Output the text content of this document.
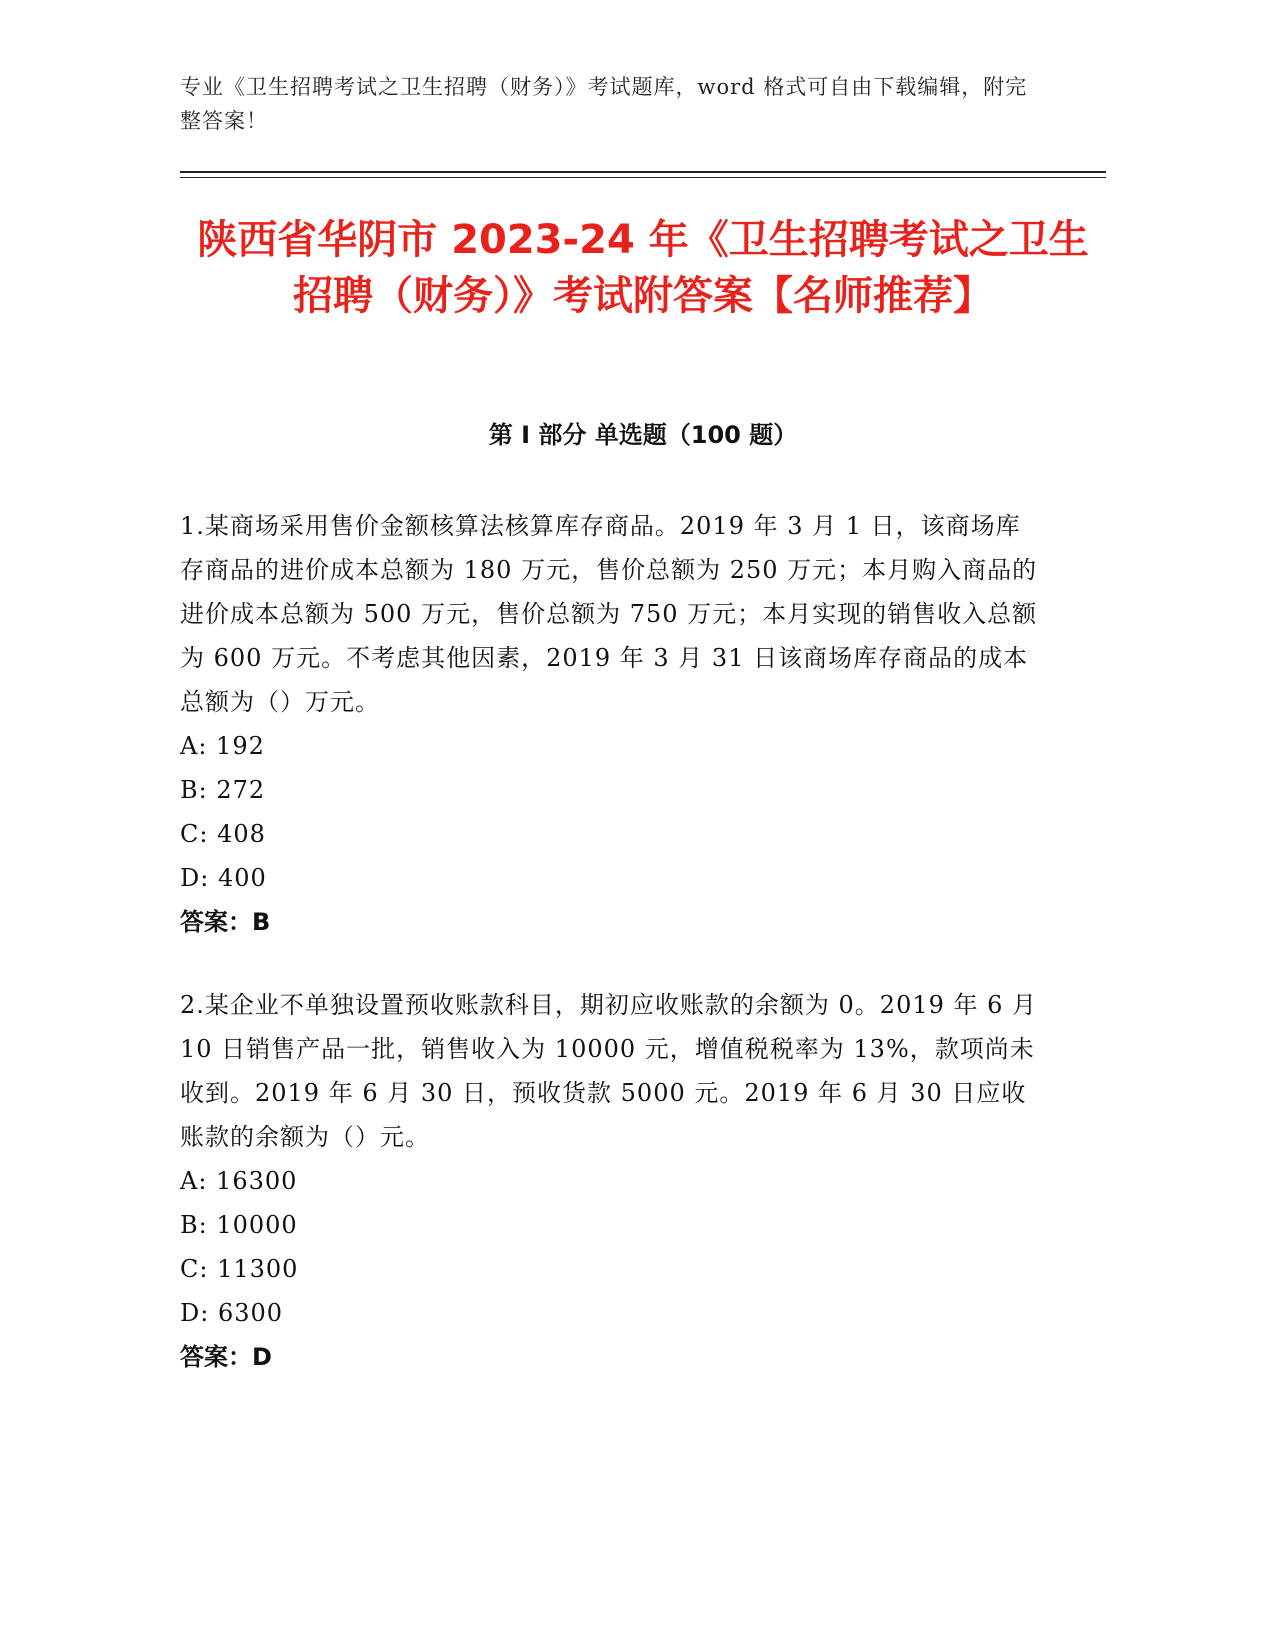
专业《卫生招聘考试之卫生招聘（财务）》考试题库，word 格式可自由下载编辑，附完整答案！
陕西省华阴市 2023-24 年《卫生招聘考试之卫生招聘（财务）》考试附答案【名师推荐】
第 I 部分 单选题（100 题）

1.某商场采用售价金额核算法核算库存商品。2019 年 3 月 1 日，该商场库存商品的进价成本总额为 180 万元，售价总额为 250 万元；本月购入商品的进价成本总额为 500 万元，售价总额为 750 万元；本月实现的销售收入总额为 600 万元。不考虑其他因素，2019 年 3 月 31 日该商场库存商品的成本总额为（）万元。

A: 192

B: 272

C: 408

D: 400

答案：B

2.某企业不单独设置预收账款科目，期初应收账款的余额为 0。2019 年 6 月 10 日销售产品一批，销售收入为 10000 元，增值税税率为 13%，款项尚未收到。2019 年 6 月 30 日，预收货款 5000 元。2019 年 6 月 30 日应收账款的余额为（）元。

A: 16300

B: 10000

C: 11300

D: 6300

答案：D
